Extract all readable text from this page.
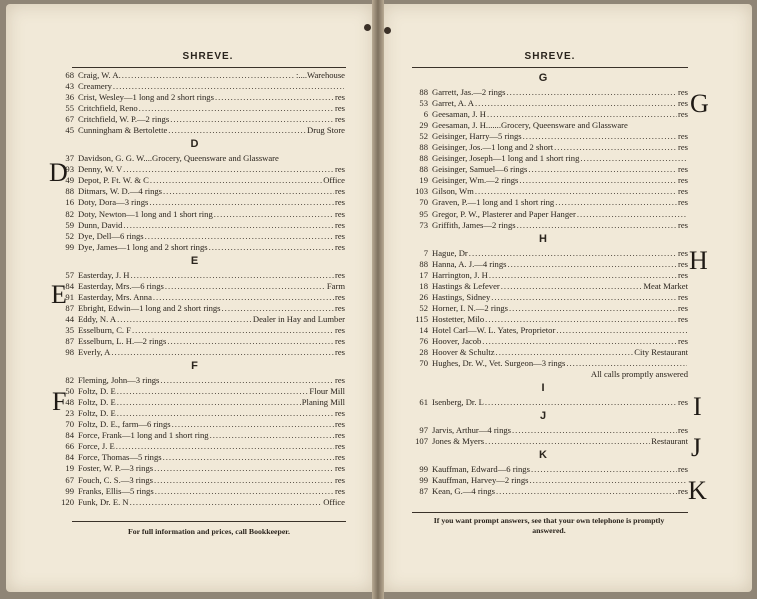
SHREVE.
68 Craig, W. A. .....	:....Warehouse
43 Creamery
.....
36 Crist, Wesley—1 long and 2 short rings .....	res
55 Critchfield, Reno .....	res
67 Critchfield, W. P.—2 rings .....	res
45 Cunningham & Bertolette .....	Drug Store
D
37 Davidson, G. G. W....Grocery, Queensware and Glassware
93 Denny, W. V .....	res
49 Depot, P. Ft. W. & C .....	Office
88 Ditmars, W. D.—4 rings .....	res
16 Doty, Dora—3 rings .....	res
82 Doty, Newton—1 long and 1 short ring .....	res
59 Dunn, David .....	res
52 Dye, Dell—6 rings .....	res
99 Dye, James—1 long and 2 short rings .....	res
E
57 Easterday, J. H .....	res
84 Easterday, Mrs.—6 rings .....	Farm
91 Easterday, Mrs. Anna .....	res
87 Ebright, Edwin—1 long and 2 short rings .....	res
44 Eddy, N. A .....	Dealer in Hay and Lumber
35 Esselburn, C. F .....	res
87 Esselburn, L. H.—2 rings .....	res
98 Everly, A .....	res
F
82 Fleming, John—3 rings .....	res
50 Foltz, D. E .....	Flour Mill
48 Foltz, D. E .....	Planing Mill
23 Foltz, D. E .....	res
70 Foltz, D. E., farm—6 rings .....	res
84 Force, Frank—1 long and 1 short ring .....	res
66 Force, J. E .....	res
84 Force, Thomas—5 rings .....	res
19 Foster, W. P.—3 rings .....	res
67 Fouch, C. S.—3 rings .....	res
99 Franks, Ellis—5 rings .....	res
120 Funk, Dr. E. N .....	Office
For full information and prices, call Bookkeeper.
SHREVE.
G
88 Garrett, Jas.—2 rings .....	res
53 Garret, A. A .....	res
6 Geesaman, J. H .....	res
29 Geesaman, J. H.......Grocery, Queensware and Glassware
52 Geisinger, Harry—5 rings .....	res
88 Geisinger, Jos.—1 long and 2 short .....	res
88 Geisinger, Joseph—1 long and 1 short ring
.....
88 Geisinger, Samuel—6 rings .....	res
19 Geisinger, Wm.—2 rings .....	res
103 Gilson, Wm .....	res
70 Graven, P.—1 long and 1 short ring .....	res
95 Gregor, P. W., Plasterer and Paper Hanger
.....
73 Griffith, James—2 rings .....	res
H
7 Hague, Dr .....	res
88 Hanna, A. J.—4 rings .....	res
17 Harrington, J. H .....	res
18 Hastings & Lefever .....	Meat Market
26 Hastings, Sidney .....	res
52 Horner, I. N.—2 rings .....	res
115 Hostetter, Milo .....	res
14 Hotel Carl—W. L. Yates, Proprietor
.....
76 Hoover, Jacob .....	res
28 Hoover & Schultz .....	City Restaurant
70 Hughes, Dr. W., Vet. Surgeon—3 rings
.....
All calls promptly answered
I
61 Isenberg, Dr. L .....	res
J
97 Jarvis, Arthur—4 rings .....	res
107 Jones & Myers .....	Restaurant
K
99 Kauffman, Edward—6 rings .....	res
99 Kauffman, Harvey—2 rings
.....
87 Kean, G.—4 rings .....	res
If you want prompt answers, see that your own telephone is promptly
answered.
D
E
F
G
H
I
J
K
